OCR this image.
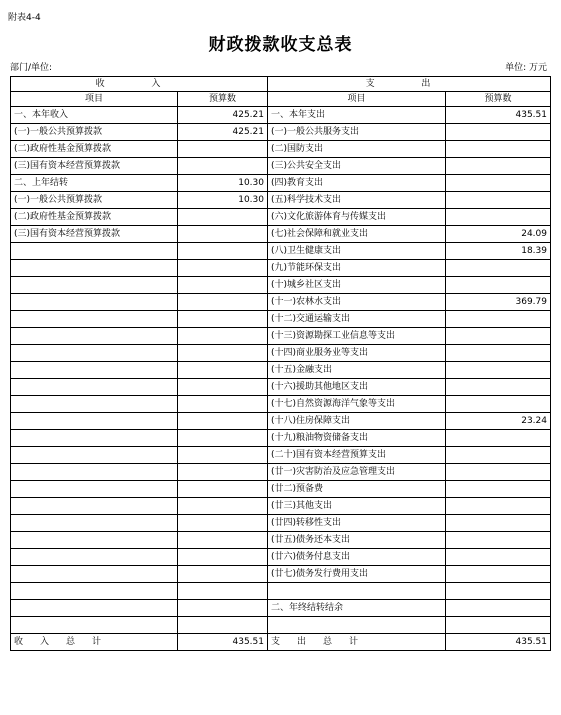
附表4-4
财政拨款收支总表
部门/单位:	单位: 万元
收 入		支 出	
项目	预算数	项目	预算数
一、本年收入	425.21	一、本年支出	435.51
(一)一般公共预算拨款	425.21	(一)一般公共服务支出	
(二)政府性基金预算拨款		(二)国防支出	
(三)国有资本经营预算拨款		(三)公共安全支出	
二、上年结转	10.30	(四)教育支出	
(一)一般公共预算拨款	10.30	(五)科学技术支出	
(二)政府性基金预算拨款		(六)文化旅游体育与传媒支出	
(三)国有资本经营预算拨款		(七)社会保障和就业支出	24.09
		(八)卫生健康支出	18.39
		(九)节能环保支出	
		(十)城乡社区支出	
		(十一)农林水支出	369.79
		(十二)交通运输支出	
		(十三)资源勘探工业信息等支出	
		(十四)商业服务业等支出	
		(十五)金融支出	
		(十六)援助其他地区支出	
		(十七)自然资源海洋气象等支出	
		(十八)住房保障支出	23.24
		(十九)粮油物资储备支出	
		(二十)国有资本经营预算支出	
		(廿一)灾害防治及应急管理支出	
		(廿二)预备费	
		(廿三)其他支出	
		(廿四)转移性支出	
		(廿五)债务还本支出	
		(廿六)债务付息支出	
		(廿七)债务发行费用支出	

		二、年终结转结余	

收入总计	435.51	支出总计	435.51
